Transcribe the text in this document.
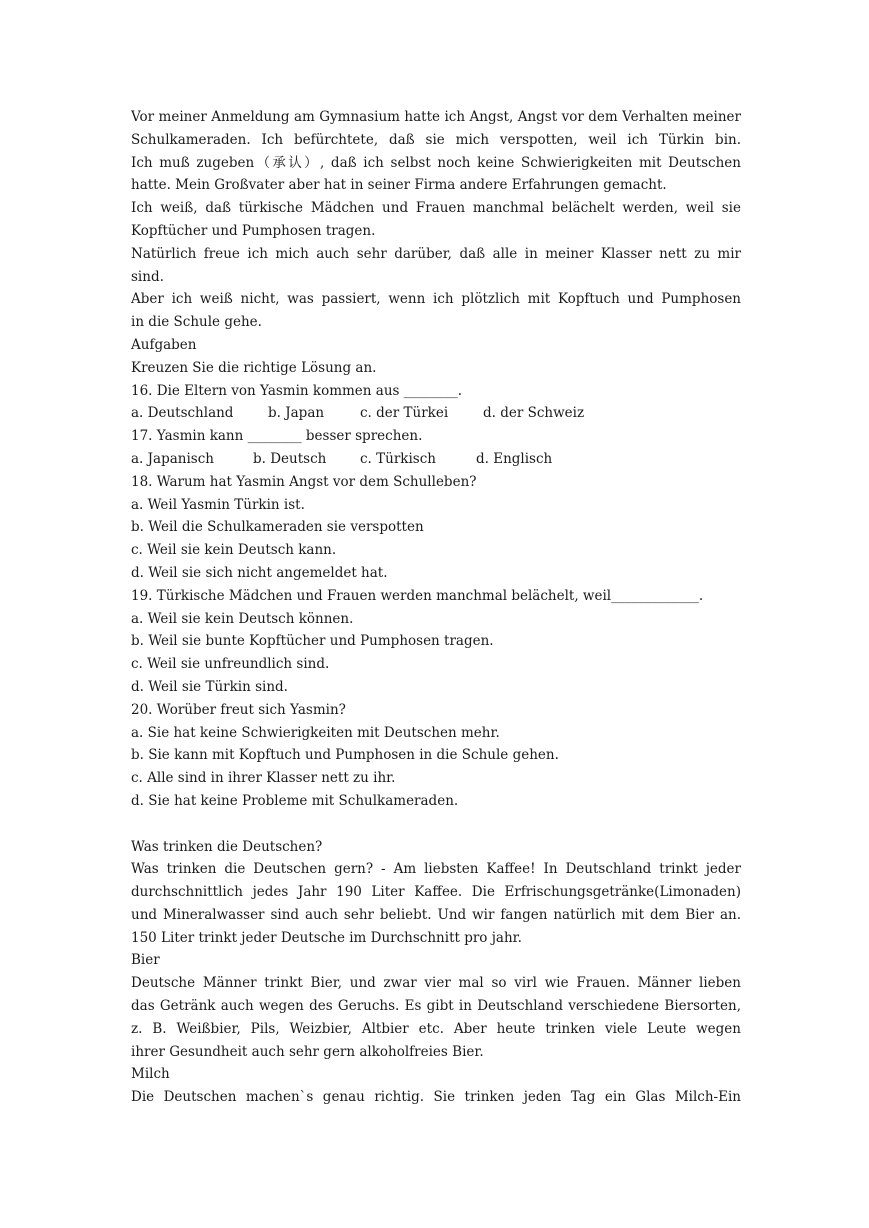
Vor meiner Anmeldung am Gymnasium hatte ich Angst, Angst vor dem Verhalten meiner
Schulkameraden. Ich befürchtete, daß sie mich verspotten, weil ich Türkin bin.
Ich muß zugeben（承认）, daß ich selbst noch keine Schwierigkeiten mit Deutschen
hatte. Mein Großvater aber hat in seiner Firma andere Erfahrungen gemacht.
Ich weiß, daß türkische Mädchen und Frauen manchmal belächelt werden, weil sie
Kopftücher und Pumphosen tragen.
Natürlich freue ich mich auch sehr darüber, daß alle in meiner Klasser nett zu mir
sind.
Aber ich weiß nicht, was passiert, wenn ich plötzlich mit Kopftuch und Pumphosen
in die Schule gehe.
Aufgaben
Kreuzen Sie die richtige Lösung an.
16. Die Eltern von Yasmin kommen aus ________.
a. Deutschland	b. Japan	c. der Türkei	d. der Schweiz
17. Yasmin kann ________ besser sprechen.
a. Japanisch	b. Deutsch	c. Türkisch	d. Englisch
18. Warum hat Yasmin Angst vor dem Schulleben?
a. Weil Yasmin Türkin ist.
b. Weil die Schulkameraden sie verspotten
c. Weil sie kein Deutsch kann.
d. Weil sie sich nicht angemeldet hat.
19. Türkische Mädchen und Frauen werden manchmal belächelt, weil_____________.
a. Weil sie kein Deutsch können.
b. Weil sie bunte Kopftücher und Pumphosen tragen.
c. Weil sie unfreundlich sind.
d. Weil sie Türkin sind.
20. Worüber freut sich Yasmin?
a. Sie hat keine Schwierigkeiten mit Deutschen mehr.
b. Sie kann mit Kopftuch und Pumphosen in die Schule gehen.
c. Alle sind in ihrer Klasser nett zu ihr.
d. Sie hat keine Probleme mit Schulkameraden.
Was trinken die Deutschen?
Was trinken die Deutschen gern? - Am liebsten Kaffee! In Deutschland trinkt jeder
durchschnittlich jedes Jahr 190 Liter Kaffee. Die Erfrischungsgetränke(Limonaden)
und Mineralwasser sind auch sehr beliebt. Und wir fangen natürlich mit dem Bier an.
150 Liter trinkt jeder Deutsche im Durchschnitt pro jahr.
Bier
Deutsche Männer trinkt Bier, und zwar vier mal so virl wie Frauen. Männer lieben
das Getränk auch wegen des Geruchs. Es gibt in Deutschland verschiedene Biersorten,
z. B. Weißbier, Pils, Weizbier, Altbier etc. Aber heute trinken viele Leute wegen
ihrer Gesundheit auch sehr gern alkoholfreies Bier.
Milch
Die Deutschen machen`s genau richtig. Sie trinken jeden Tag ein Glas Milch-Ein
